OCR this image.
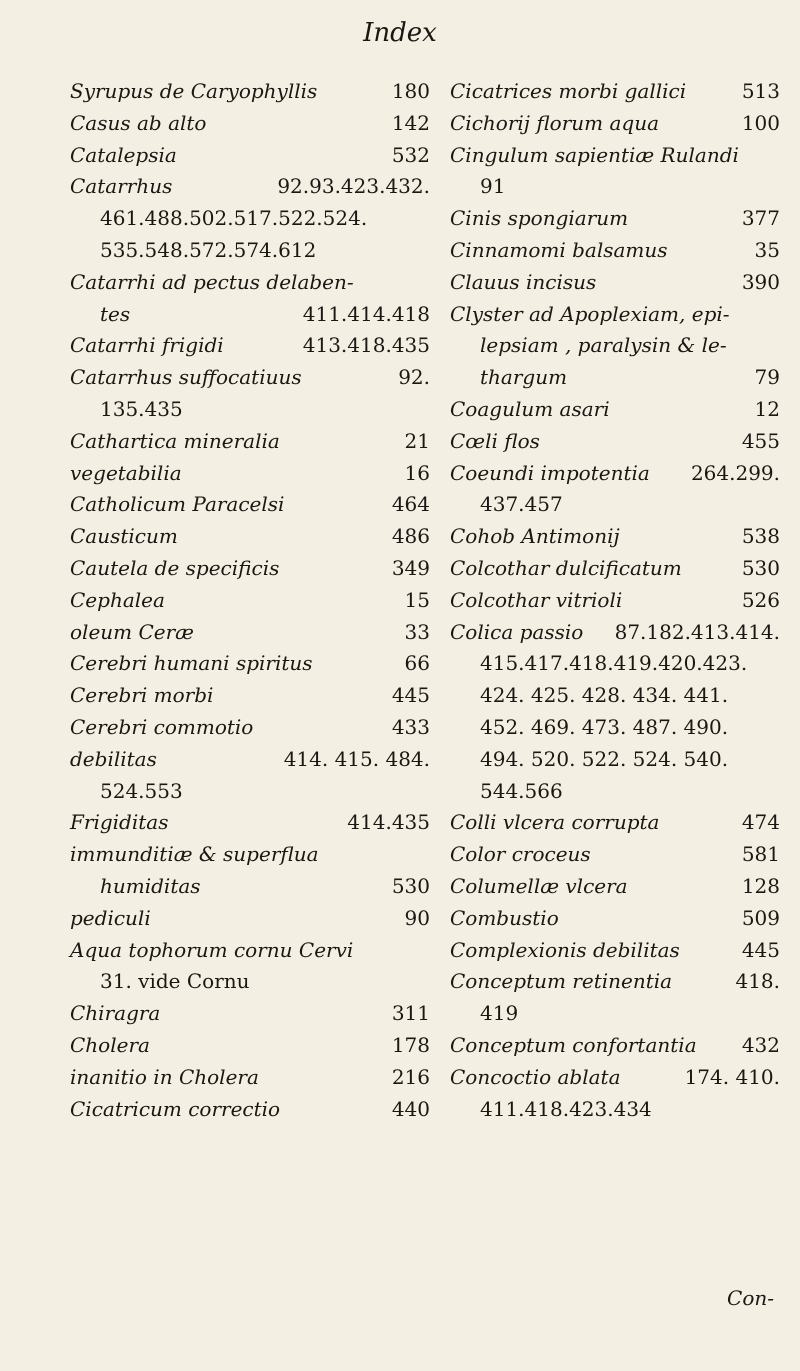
Index
Syrupus de Caryophyllis	180
Casus ab alto	142
Catalepsia	532
Catarrhus	92.93.423.432.
461.488.502.517.522.524.
535.548.572.574.612
Catarrhi ad pectus delaben-
tes	411.414.418
Catarrhi frigidi	413.418.435
Catarrhus suffocatiuus	92.
135.435
Cathartica mineralia	21
vegetabilia	16
Catholicum Paracelsi	464
Causticum	486
Cautela de specificis	349
Cephalea	15
oleum Ceræ	33
Cerebri humani spiritus	66
Cerebri morbi	445
Cerebri commotio	433
debilitas	414. 415. 484.
524.553
Frigiditas	414.435
immunditiæ & superflua
humiditas	530
pediculi	90
Aqua tophorum cornu Cervi
31. vide Cornu
Chiragra	311
Cholera	178
inanitio in Cholera	216
Cicatricum correctio	440
Cicatrices morbi gallici	513
Cichorij florum aqua	100
Cingulum sapientiæ Rulandi
91
Cinis spongiarum	377
Cinnamomi balsamus	35
Clauus incisus	390
Clyster ad Apoplexiam, epi-
lepsiam , paralysin & le-
thargum	79
Coagulum asari	12
Cœli flos	455
Coeundi impotentia 264.299.
437.457
Cohob Antimonij	538
Colcothar dulcificatum	530
Colcothar vitrioli	526
Colica passio 87.182.413.414.
415.417.418.419.420.423.
424. 425. 428. 434. 441.
452. 469. 473. 487. 490.
494. 520. 522. 524. 540.
544.566
Colli vlcera corrupta	474
Color croceus	581
Columellæ vlcera	128
Combustio	509
Complexionis debilitas	445
Conceptum retinentia	418.
419
Conceptum confortantia 432
Concoctio ablata	174. 410.
411.418.423.434
Con-
